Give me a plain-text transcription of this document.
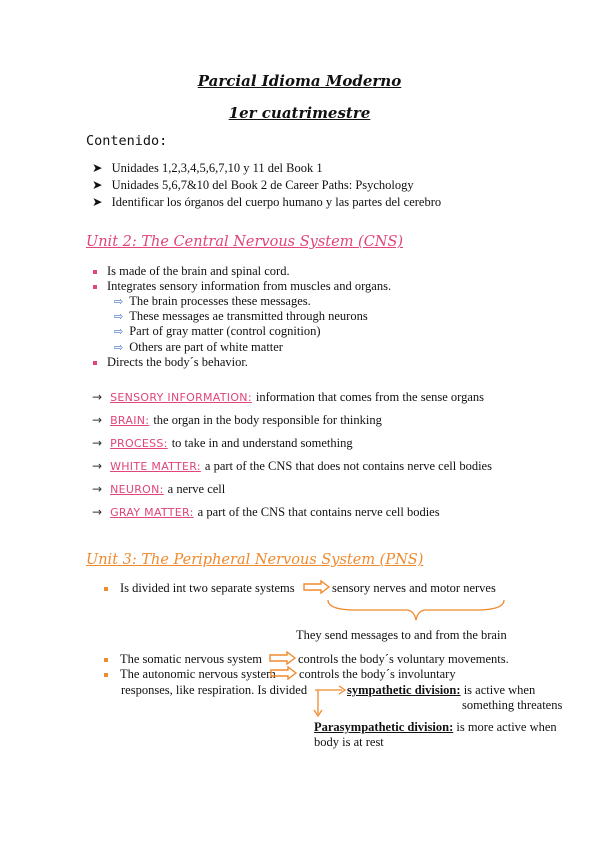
Parcial Idioma Moderno
1er cuatrimestre
Contenido:
➤ Unidades 1,2,3,4,5,6,7,10 y 11 del Book 1
➤ Unidades 5,6,7&10 del Book 2 de Career Paths: Psychology
➤ Identificar los órganos del cuerpo humano y las partes del cerebro
Unit 2: The Central Nervous System (CNS)
Is made of the brain and spinal cord.
Integrates sensory information from muscles and organs.
⇨ The brain processes these messages.
⇨ These messages ae transmitted through neurons
⇨ Part of gray matter (control cognition)
⇨ Others are part of white matter
Directs the body´s behavior.
→ SENSORY INFORMATION: information that comes from the sense organs
→ BRAIN: the organ in the body responsible for thinking
→ PROCESS: to take in and understand something
→ WHITE MATTER: a part of the CNS that does not contains nerve cell bodies
→ NEURON: a nerve cell
→ GRAY MATTER: a part of the CNS that contains nerve cell bodies
Unit 3: The Peripheral Nervous System (PNS)
Is divided int two separate systems	sensory nerves and motor nerves
They send messages to and from the brain
The somatic nervous system	controls the body´s voluntary movements.
The autonomic nervous system controls the body´s involuntary
responses, like respiration. Is divided	sympathetic division: is active when
something threatens
Parasympathetic division: is more active when
body is at rest
